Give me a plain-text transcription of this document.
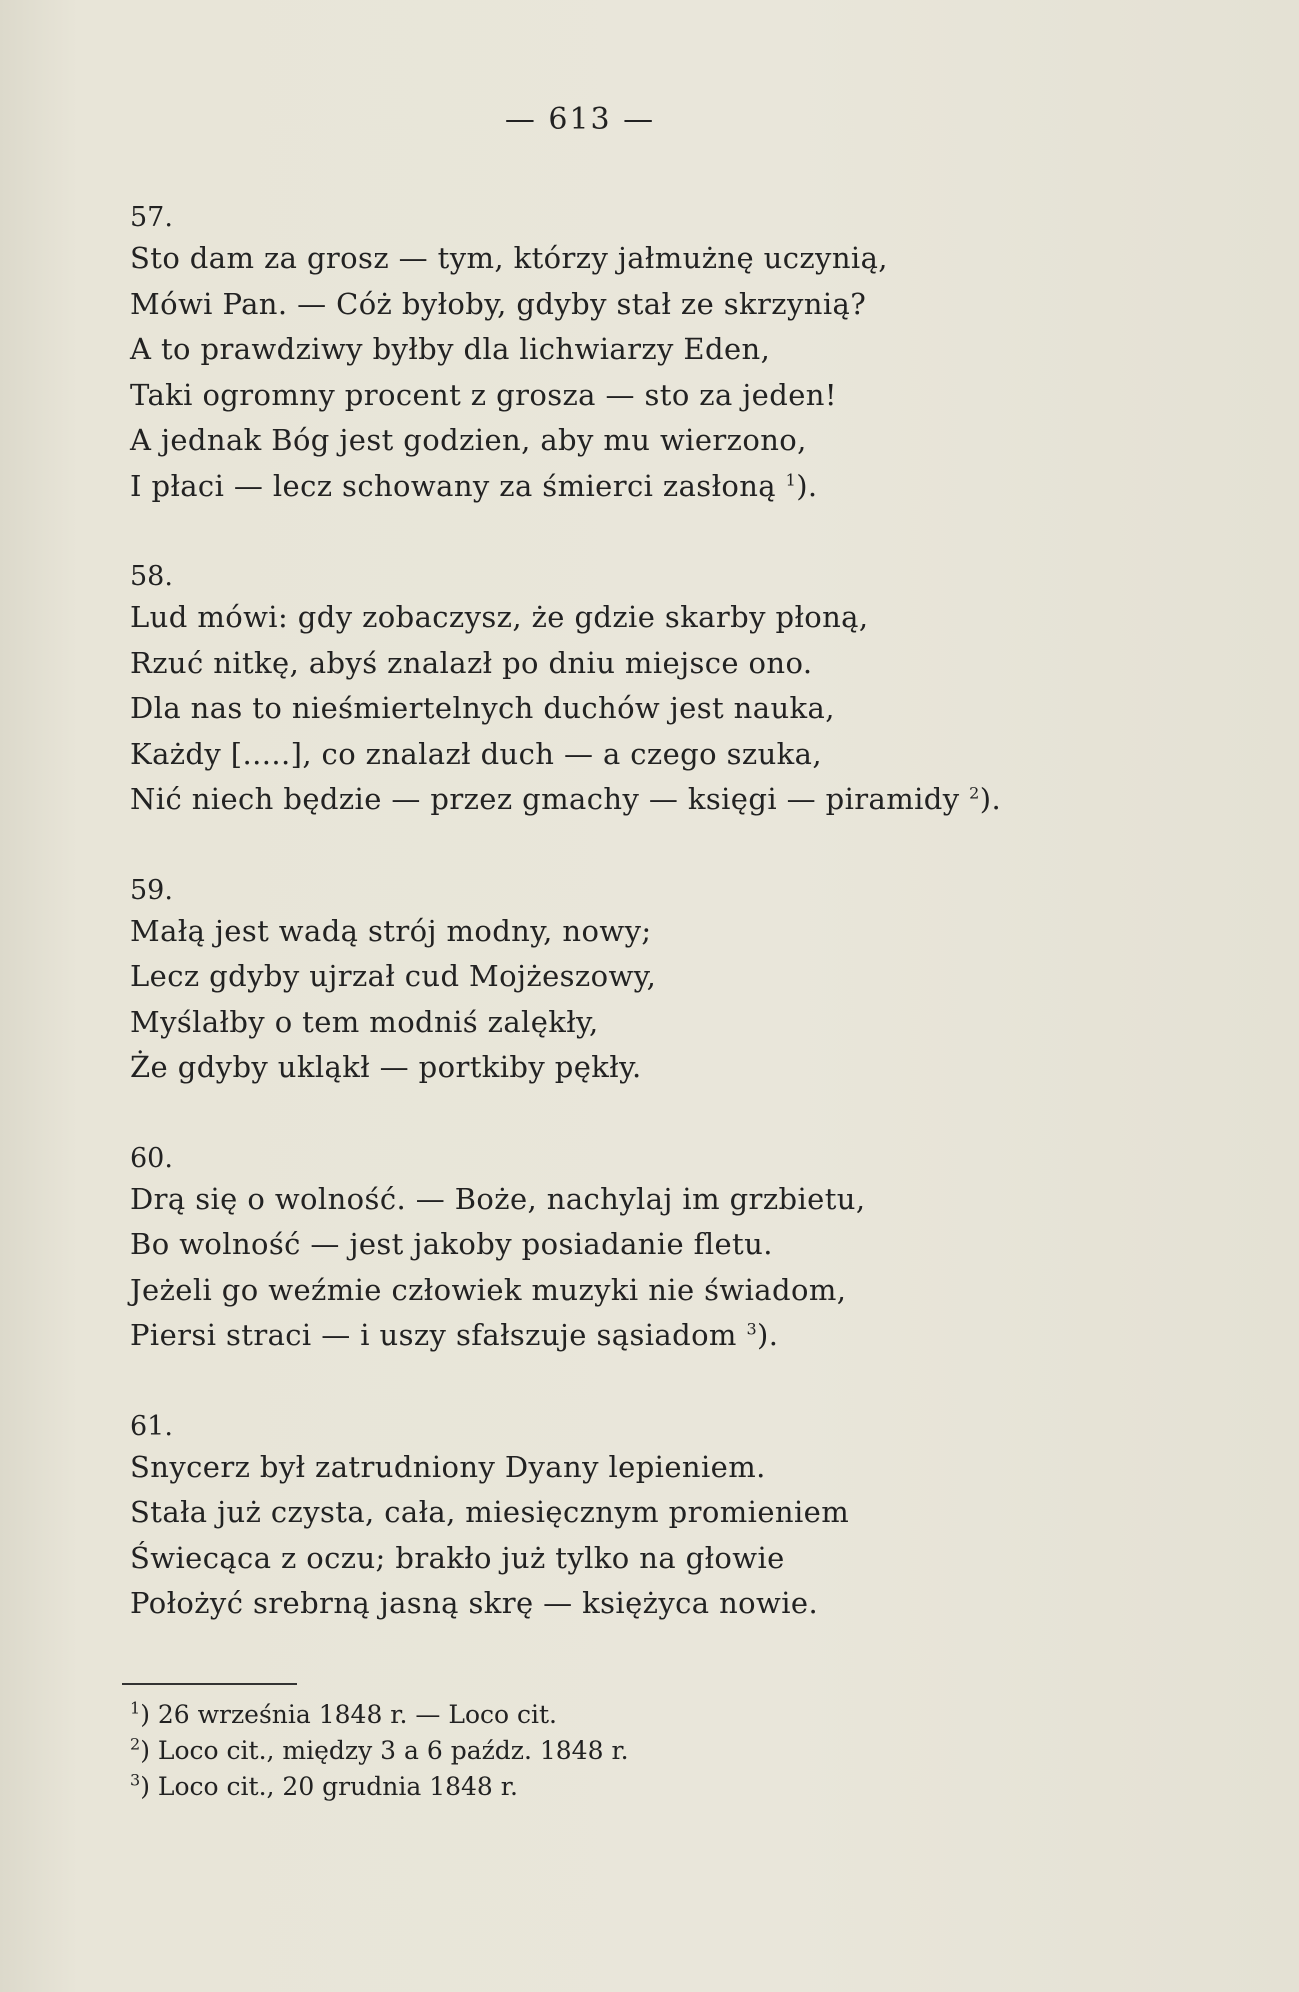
— 613 —
57.
Sto dam za grosz — tym, którzy jałmużnę uczynią,
Mówi Pan. — Cóż byłoby, gdyby stał ze skrzynią?
A to prawdziwy byłby dla lichwiarzy Eden,
Taki ogromny procent z grosza — sto za jeden!
A jednak Bóg jest godzien, aby mu wierzono,
I płaci — lecz schowany za śmierci zasłoną $^1$).
58.
Lud mówi: gdy zobaczysz, że gdzie skarby płoną,
Rzuć nitkę, abyś znalazł po dniu miejsce ono.
Dla nas to nieśmiertelnych duchów jest nauka,
Każdy [.....], co znalazł duch — a czego szuka,
Nić niech będzie — przez gmachy — księgi — piramidy $^2$).
59.
Małą jest wadą strój modny, nowy;
Lecz gdyby ujrzał cud Mojżeszowy,
Myślałby o tem modniś zalękły,
Że gdyby ukląkł — portkiby pękły.
60.
Drą się o wolność. — Boże, nachylaj im grzbietu,
Bo wolność — jest jakoby posiadanie fletu.
Jeżeli go weźmie człowiek muzyki nie świadom,
Piersi straci — i uszy sfałszuje sąsiadom $^3$).
61.
Snycerz był zatrudniony Dyany lepieniem.
Stała już czysta, cała, miesięcznym promieniem
Świecąca z oczu; brakło już tylko na głowie
Położyć srebrną jasną skrę — księżyca nowie.
$^1$) 26 września 1848 r. — Loco cit.
$^2$) Loco cit., między 3 a 6 paźdz. 1848 r.
$^3$) Loco cit., 20 grudnia 1848 r.
